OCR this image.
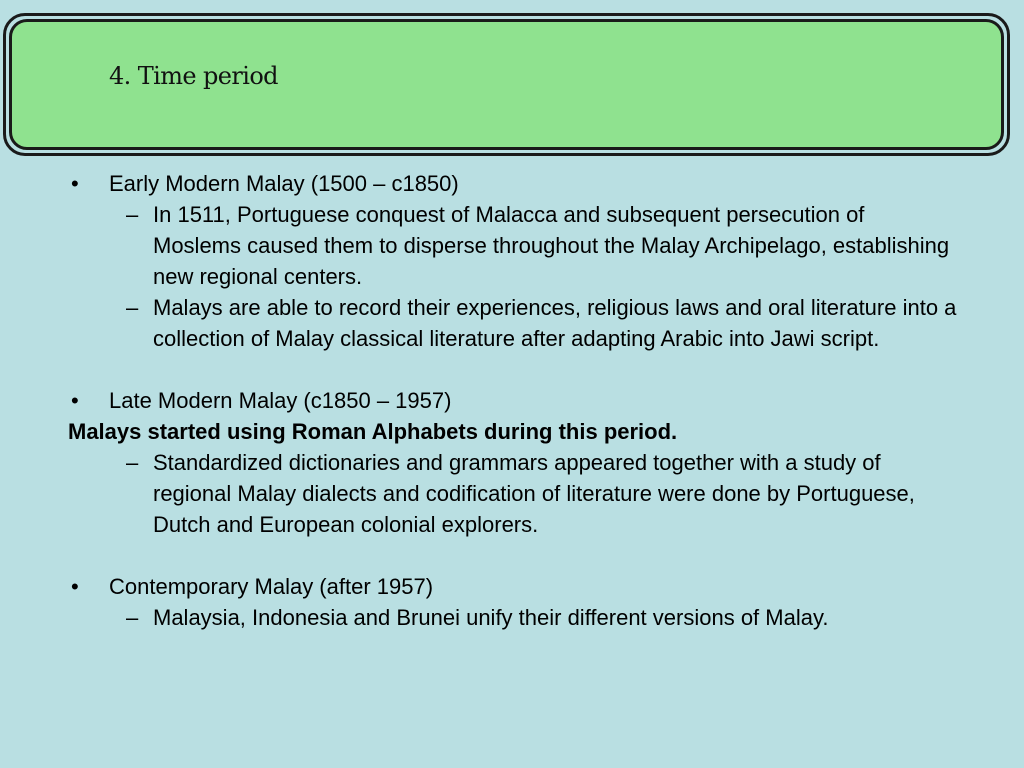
4. Time period
• Early Modern Malay (1500 – c1850)
– In 1511, Portuguese conquest of Malacca and subsequent persecution of Moslems caused them to disperse throughout the Malay Archipelago, establishing new regional centers.
– Malays are able to record their experiences, religious laws and oral literature into a collection of Malay classical literature after adapting Arabic into Jawi script.
• Late Modern Malay (c1850 – 1957)
Malays started using Roman Alphabets during this period.
– Standardized dictionaries and grammars appeared together with a study of regional Malay dialects and codification of literature were done by Portuguese, Dutch and European colonial explorers.
• Contemporary Malay (after 1957)
– Malaysia, Indonesia and Brunei unify their different versions of Malay.
